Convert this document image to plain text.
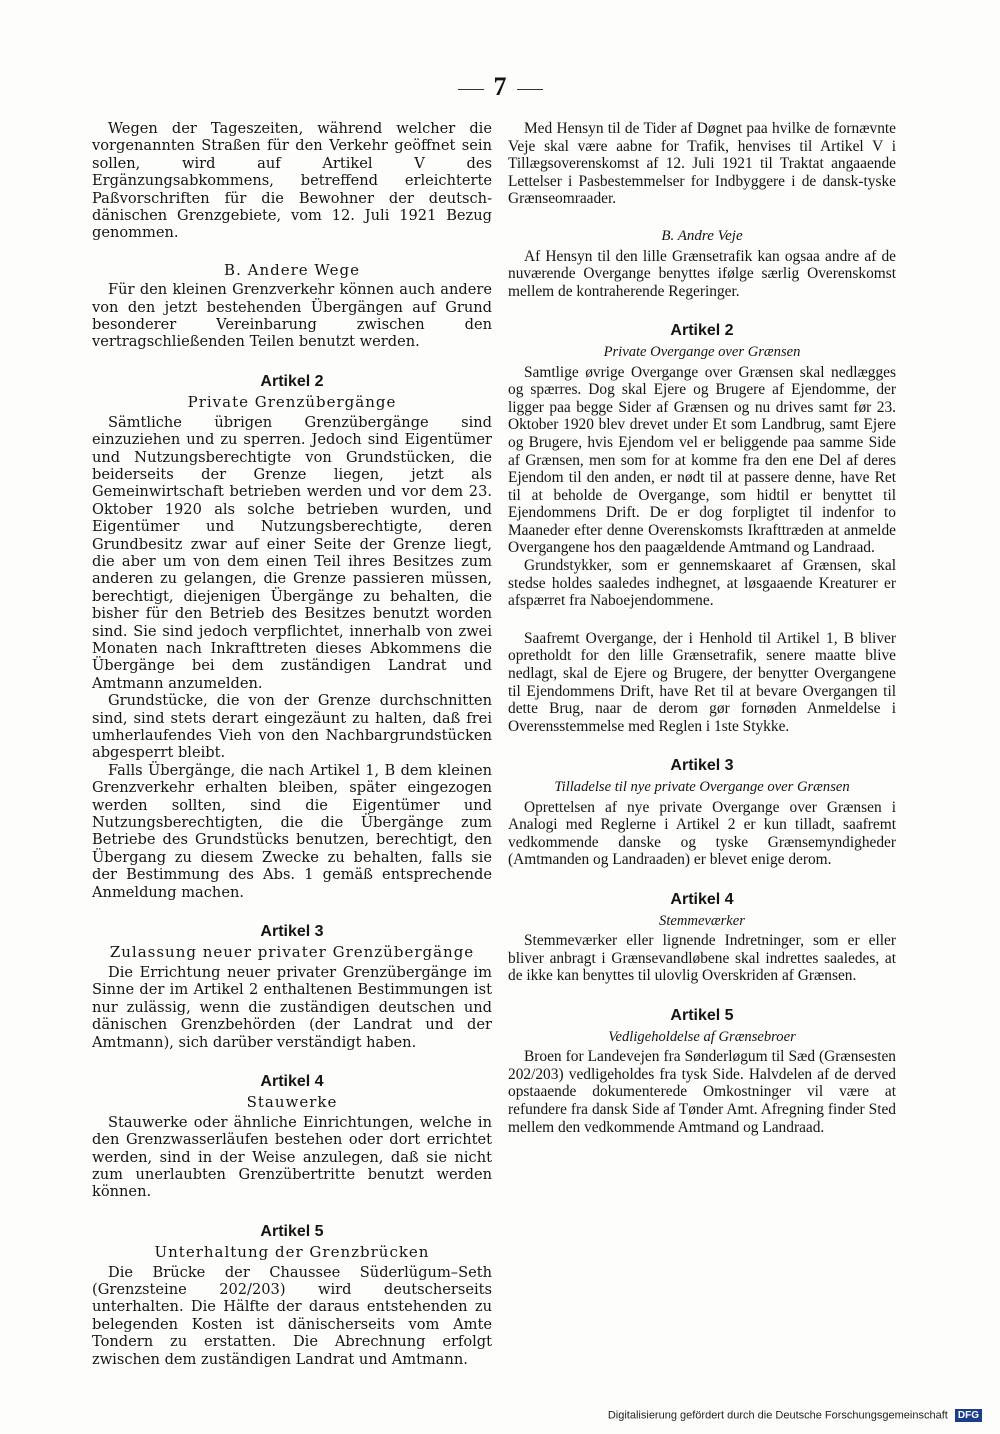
7

Wegen der Tageszeiten, während welcher die vorgenannten Straßen für den Verkehr geöffnet sein sollen, wird auf Artikel V des Ergänzungsabkommens, betreffend erleichterte Paßvorschriften für die Bewohner der deutsch-dänischen Grenzgebiete, vom 12. Juli 1921 Bezug genommen.

B. Andere Wege

Für den kleinen Grenzverkehr können auch andere von den jetzt bestehenden Übergängen auf Grund besonderer Vereinbarung zwischen den vertragschließenden Teilen benutzt werden.

Artikel 2
Private Grenzübergänge

Sämtliche übrigen Grenzübergänge sind einzuziehen und zu sperren. Jedoch sind Eigentümer und Nutzungsberechtigte von Grundstücken, die beiderseits der Grenze liegen, jetzt als Gemeinwirtschaft betrieben werden und vor dem 23. Oktober 1920 als solche betrieben wurden, und Eigentümer und Nutzungsberechtigte, deren Grundbesitz zwar auf einer Seite der Grenze liegt, die aber um von dem einen Teil ihres Besitzes zum anderen zu gelangen, die Grenze passieren müssen, berechtigt, diejenigen Übergänge zu behalten, die bisher für den Betrieb des Besitzes benutzt worden sind. Sie sind jedoch verpflichtet, innerhalb von zwei Monaten nach Inkrafttreten dieses Abkommens die Übergänge bei dem zuständigen Landrat und Amtmann anzumelden.

Grundstücke, die von der Grenze durchschnitten sind, sind stets derart eingezäunt zu halten, daß frei umherlaufendes Vieh von den Nachbargrundstücken abgesperrt bleibt.

Falls Übergänge, die nach Artikel 1, B dem kleinen Grenzverkehr erhalten bleiben, später eingezogen werden sollten, sind die Eigentümer und Nutzungsberechtigten, die die Übergänge zum Betriebe des Grundstücks benutzen, berechtigt, den Übergang zu diesem Zwecke zu behalten, falls sie der Bestimmung des Abs. 1 gemäß entsprechende Anmeldung machen.

Artikel 3
Zulassung neuer privater Grenzübergänge

Die Errichtung neuer privater Grenzübergänge im Sinne der im Artikel 2 enthaltenen Bestimmungen ist nur zulässig, wenn die zuständigen deutschen und dänischen Grenzbehörden (der Landrat und der Amtmann), sich darüber verständigt haben.

Artikel 4
Stauwerke

Stauwerke oder ähnliche Einrichtungen, welche in den Grenzwasserläufen bestehen oder dort errichtet werden, sind in der Weise anzulegen, daß sie nicht zum unerlaubten Grenzübertritte benutzt werden können.

Artikel 5
Unterhaltung der Grenzbrücken

Die Brücke der Chaussee Süderlügum–Seth (Grenzsteine 202/203) wird deutscherseits unterhalten. Die Hälfte der daraus entstehenden zu belegenden Kosten ist dänischerseits vom Amte Tondern zu erstatten. Die Abrechnung erfolgt zwischen dem zuständigen Landrat und Amtmann.

Med Hensyn til de Tider af Døgnet paa hvilke de fornævnte Veje skal være aabne for Trafik, henvises til Artikel V i Tillægsoverenskomst af 12. Juli 1921 til Traktat angaaende Lettelser i Pasbestemmelser for Indbyggere i de dansk-tyske Grænseomraader.

B. Andre Veje

Af Hensyn til den lille Grænsetrafik kan ogsaa andre af de nuværende Overgange benyttes ifølge særlig Overenskomst mellem de kontraherende Regeringer.

Artikel 2
Private Overgange over Grænsen

Samtlige øvrige Overgange over Grænsen skal nedlægges og spærres. Dog skal Ejere og Brugere af Ejendomme, der ligger paa begge Sider af Grænsen og nu drives samt før 23. Oktober 1920 blev drevet under Et som Landbrug, samt Ejere og Brugere, hvis Ejendom vel er beliggende paa samme Side af Grænsen, men som for at komme fra den ene Del af deres Ejendom til den anden, er nødt til at passere denne, have Ret til at beholde de Overgange, som hidtil er benyttet til Ejendommens Drift. De er dog forpligtet til indenfor to Maaneder efter denne Overenskomsts Ikrafttræden at anmelde Overgangene hos den paagældende Amtmand og Landraad.

Grundstykker, som er gennemskaaret af Grænsen, skal stedse holdes saaledes indhegnet, at løsgaaende Kreaturer er afspærret fra Naboejendommene.

Saafremt Overgange, der i Henhold til Artikel 1, B bliver opretholdt for den lille Grænsetrafik, senere maatte blive nedlagt, skal de Ejere og Brugere, der benytter Overgangene til Ejendommens Drift, have Ret til at bevare Overgangen til dette Brug, naar de derom gør fornøden Anmeldelse i Overensstemmelse med Reglen i 1ste Stykke.

Artikel 3
Tilladelse til nye private Overgange over Grænsen

Oprettelsen af nye private Overgange over Grænsen i Analogi med Reglerne i Artikel 2 er kun tilladt, saafremt vedkommende danske og tyske Grænsemyndigheder (Amtmanden og Landraaden) er blevet enige derom.

Artikel 4
Stemmeværker

Stemmeværker eller lignende Indretninger, som er eller bliver anbragt i Grænsevandløbene skal indrettes saaledes, at de ikke kan benyttes til ulovlig Overskriden af Grænsen.

Artikel 5
Vedligeholdelse af Grænsebroer

Broen for Landevejen fra Sønderløgum til Sæd (Grænsesten 202/203) vedligeholdes fra tysk Side. Halvdelen af de derved opstaaende dokumenterede Omkostninger vil være at refundere fra dansk Side af Tønder Amt. Afregning finder Sted mellem den vedkommende Amtmand og Landraad.

Digitalisierung gefördert durch die Deutsche Forschungsgemeinschaft DFG
